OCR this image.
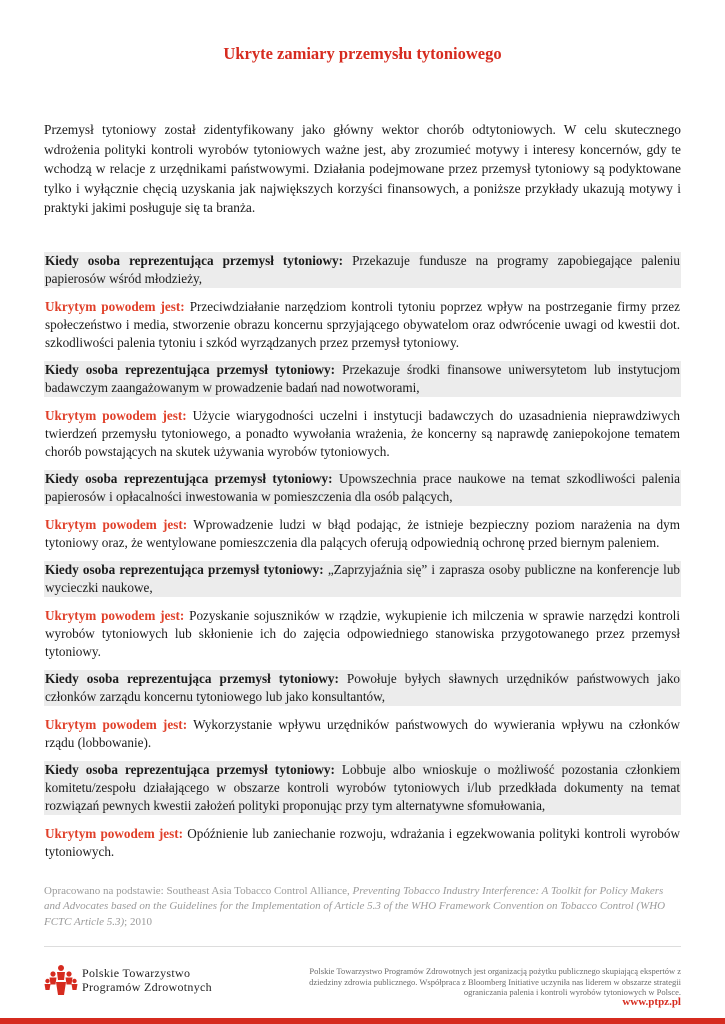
Ukryte zamiary przemysłu tytoniowego

Przemysł tytoniowy został zidentyfikowany jako główny wektor chorób odtytoniowych. W celu skutecznego wdrożenia polityki kontroli wyrobów tytoniowych ważne jest, aby zrozumieć motywy i interesy koncernów, gdy te wchodzą w relacje z urzędnikami państwowymi. Działania podejmowane przez przemysł tytoniowy są podyktowane tylko i wyłącznie chęcią uzyskania jak największych korzyści finansowych, a poniższe przykłady ukazują motywy i praktyki jakimi posługuje się ta branża.

Kiedy osoba reprezentująca przemysł tytoniowy: Przekazuje fundusze na programy zapobiegające paleniu papierosów wśród młodzieży,

Ukrytym powodem jest: Przeciwdziałanie narzędziom kontroli tytoniu poprzez wpływ na postrzeganie firmy przez społeczeństwo i media, stworzenie obrazu koncernu sprzyjającego obywatelom oraz odwrócenie uwagi od kwestii dot. szkodliwości palenia tytoniu i szkód wyrządzanych przez przemysł tytoniowy.

Kiedy osoba reprezentująca przemysł tytoniowy: Przekazuje środki finansowe uniwersytetom lub instytucjom badawczym zaangażowanym w prowadzenie badań nad nowotworami,

Ukrytym powodem jest: Użycie wiarygodności uczelni i instytucji badawczych do uzasadnienia nieprawdziwych twierdzeń przemysłu tytoniowego, a ponadto wywołania wrażenia, że koncerny są naprawdę zaniepokojone tematem chorób powstających na skutek używania wyrobów tytoniowych.

Kiedy osoba reprezentująca przemysł tytoniowy: Upowszechnia prace naukowe na temat szkodliwości palenia papierosów i opłacalności inwestowania w pomieszczenia dla osób palących,

Ukrytym powodem jest: Wprowadzenie ludzi w błąd podając, że istnieje bezpieczny poziom narażenia na dym tytoniowy oraz, że wentylowane pomieszczenia dla palących oferują odpowiednią ochronę przed biernym paleniem.

Kiedy osoba reprezentująca przemysł tytoniowy: „Zaprzyjaźnia się” i zaprasza osoby publiczne na konferencje lub wycieczki naukowe,

Ukrytym powodem jest: Pozyskanie sojuszników w rządzie, wykupienie ich milczenia w sprawie narzędzi kontroli wyrobów tytoniowych lub skłonienie ich do zajęcia odpowiedniego stanowiska przygotowanego przez przemysł tytoniowy.

Kiedy osoba reprezentująca przemysł tytoniowy: Powołuje byłych sławnych urzędników państwowych jako członków zarządu koncernu tytoniowego lub jako konsultantów,

Ukrytym powodem jest: Wykorzystanie wpływu urzędników państwowych do wywierania wpływu na członków rządu (lobbowanie).

Kiedy osoba reprezentująca przemysł tytoniowy: Lobbuje albo wnioskuje o możliwość pozostania członkiem komitetu/zespołu działającego w obszarze kontroli wyrobów tytoniowych i/lub przedkłada dokumenty na temat rozwiązań pewnych kwestii założeń polityki proponując przy tym alternatywne sfomułowania,

Ukrytym powodem jest: Opóźnienie lub zaniechanie rozwoju, wdrażania i egzekwowania polityki kontroli wyrobów tytoniowych.

Opracowano na podstawie: Southeast Asia Tobacco Control Alliance, Preventing Tobacco Industry Interference: A Toolkit for Policy Makers and Advocates based on the Guidelines for the Implementation of Article 5.3 of the WHO Framework Convention on Tobacco Control (WHO FCTC Article 5.3); 2010
Polskie Towarzystwo
Programów Zdrowotnych
Polskie Towarzystwo Programów Zdrowotnych jest organizacją pożytku publicznego skupiającą ekspertów z dziedziny zdrowia publicznego. Współpraca z Bloomberg Initiative uczyniła nas liderem w obszarze strategii ograniczania palenia i kontroli wyrobów tytoniowych w Polsce.
www.ptpz.pl
